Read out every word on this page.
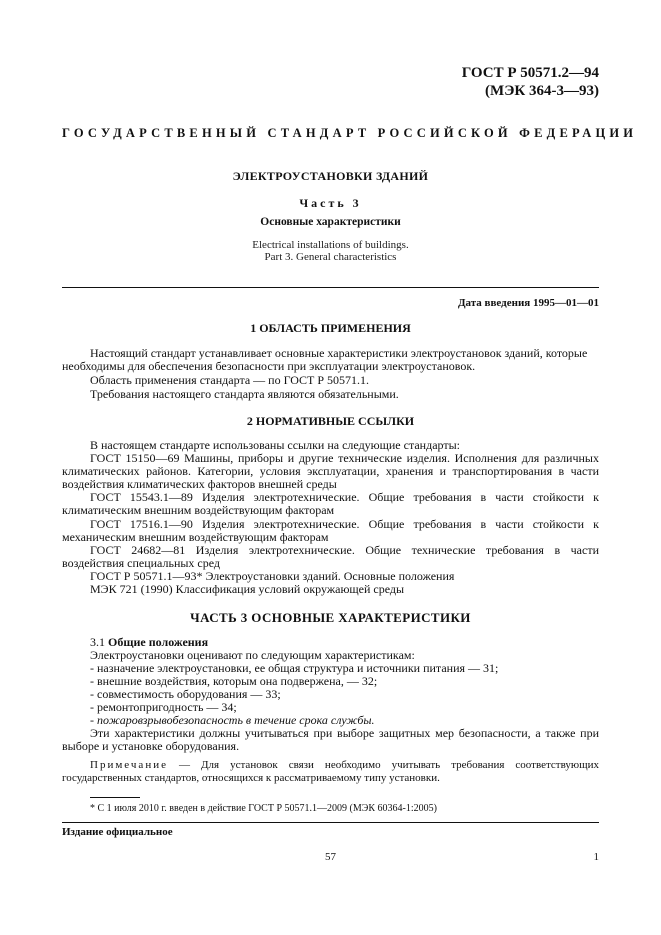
ГОСТ Р 50571.2—94
(МЭК 364-3—93)
ГОСУДАРСТВЕННЫЙ СТАНДАРТ РОССИЙСКОЙ ФЕДЕРАЦИИ
ЭЛЕКТРОУСТАНОВКИ ЗДАНИЙ
Часть 3
Основные характеристики
Electrical installations of buildings.
Part 3. General characteristics
Дата введения 1995—01—01
1 ОБЛАСТЬ ПРИМЕНЕНИЯ
Настоящий стандарт устанавливает основные характеристики электроустановок зданий, которые
необходимы для обеспечения безопасности при эксплуатации электроустановок.
Область применения стандарта — по ГОСТ Р 50571.1.
Требования настоящего стандарта являются обязательными.
2 НОРМАТИВНЫЕ ССЫЛКИ
В настоящем стандарте использованы ссылки на следующие стандарты:
ГОСТ 15150—69 Машины, приборы и другие технические изделия. Исполнения для различных климатических районов. Категории, условия эксплуатации, хранения и транспортирования в части воздействия климатических факторов внешней среды
ГОСТ 15543.1—89 Изделия электротехнические. Общие требования в части стойкости к климатическим внешним воздействующим факторам
ГОСТ 17516.1—90 Изделия электротехнические. Общие требования в части стойкости к механическим внешним воздействующим факторам
ГОСТ 24682—81 Изделия электротехнические. Общие технические требования в части воздействия специальных сред
ГОСТ Р 50571.1—93* Электроустановки зданий. Основные положения
МЭК 721 (1990) Классификация условий окружающей среды
ЧАСТЬ 3 ОСНОВНЫЕ ХАРАКТЕРИСТИКИ
3.1 Общие положения
Электроустановки оценивают по следующим характеристикам:
- назначение электроустановки, ее общая структура и источники питания — 31;
- внешние воздействия, которым она подвержена, — 32;
- совместимость оборудования — 33;
- ремонтопригодность — 34;
- пожаровзрывобезопасность в течение срока службы.
Эти характеристики должны учитываться при выборе защитных мер безопасности, а также при выборе и установке оборудования.
Примечание — Для установок связи необходимо учитывать требования соответствующих государственных стандартов, относящихся к рассматриваемому типу установки.
* С 1 июля 2010 г. введен в действие ГОСТ Р 50571.1—2009 (МЭК 60364-1:2005)
Издание официальное
57	1
